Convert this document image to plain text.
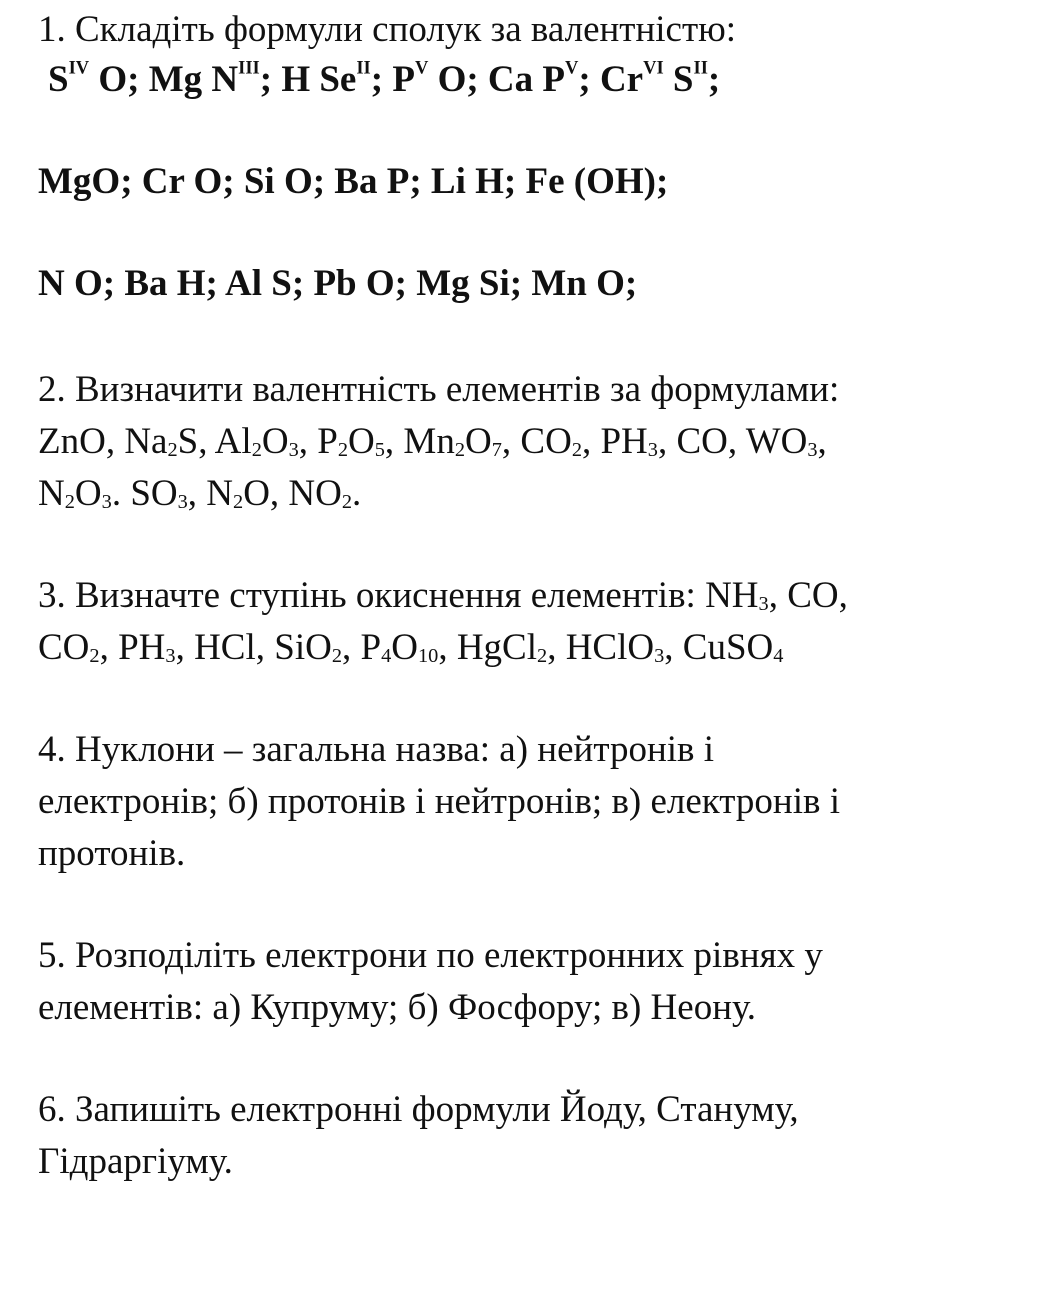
1. Складіть формули сполук за валентністю:
$S^{IV}$ O; Mg $N^{III}$; H $Se^{II}$; $P^V$ O; Ca $P^V$; $Cr^{VI}$ $S^{II}$;
MgO; Cr O; Si O; Ba P; Li H; Fe (OH);
N O; Ba H; Al S; Pb O; Mg Si; Mn O;
2. Визначити валентність елементів за формулами:
ZnO, $Na_2S$, $Al_2O_3$, $P_2O_5$, $Mn_2O_7$, $CO_2$, $PH_3$, CO, $WO_3$,
$N_2O_3$. $SO_3$, $N_2O$, $NO_2$.
3. Визначте ступінь окиснення елементів: $NH_3$, CO,
$CO_2$, $PH_3$, HCl, SiO$_2$, $P_4O_{10}$, HgCl$_2$, HClO$_3$, CuSO$_4$
4. Нуклони – загальна назва: а) нейтронів і
електронів; б) протонів і нейтронів; в) електронів і
протонів.
5. Розподіліть електрони по електронних рівнях у
елементів: а) Купруму; б) Фосфору; в) Неону.
6. Запишіть електронні формули Йоду, Стануму,
Гідраргіуму.
